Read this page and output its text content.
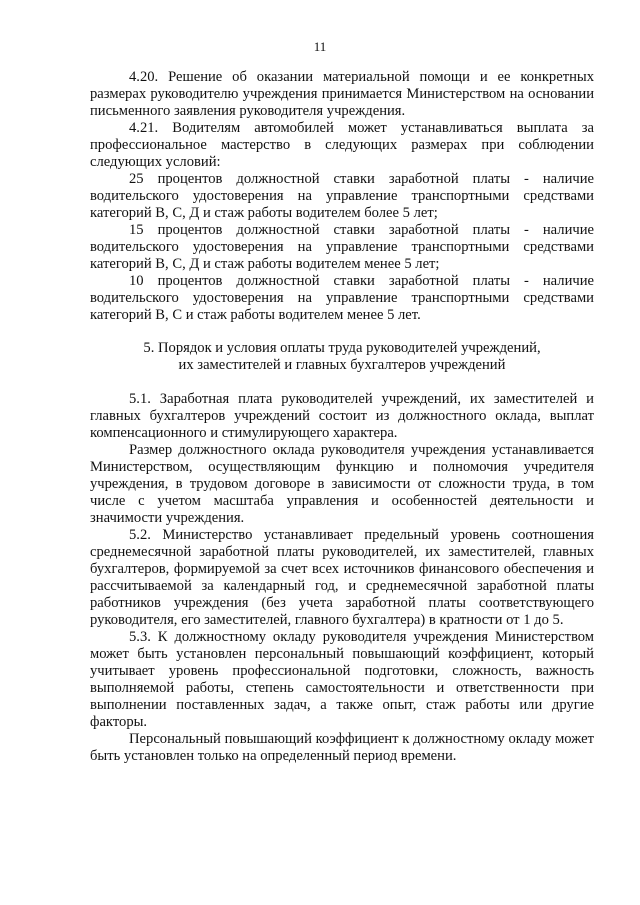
11

4.20. Решение об оказании материальной помощи и ее конкретных размерах руководителю учреждения принимается Министерством на основании письменного заявления руководителя учреждения.

4.21. Водителям автомобилей может устанавливаться выплата за профессиональное мастерство в следующих размерах при соблюдении следующих условий:

25 процентов должностной ставки заработной платы - наличие водительского удостоверения на управление транспортными средствами категорий В, С, Д и стаж работы водителем более 5 лет;

15 процентов должностной ставки заработной платы - наличие водительского удостоверения на управление транспортными средствами категорий В, С, Д и стаж работы водителем менее 5 лет;

10 процентов должностной ставки заработной платы - наличие водительского удостоверения на управление транспортными средствами категорий В, С и стаж работы водителем менее 5 лет.

5. Порядок и условия оплаты труда руководителей учреждений,

их заместителей и главных бухгалтеров учреждений

5.1. Заработная плата руководителей учреждений, их заместителей и главных бухгалтеров учреждений состоит из должностного оклада, выплат компенсационного и стимулирующего характера.

Размер должностного оклада руководителя учреждения устанавливается Министерством, осуществляющим функцию и полномочия учредителя учреждения, в трудовом договоре в зависимости от сложности труда, в том числе с учетом масштаба управления и особенностей деятельности и значимости учреждения.

5.2. Министерство устанавливает предельный уровень соотношения среднемесячной заработной платы руководителей, их заместителей, главных бухгалтеров, формируемой за счет всех источников финансового обеспечения и рассчитываемой за календарный год, и среднемесячной заработной платы работников учреждения (без учета заработной платы соответствующего руководителя, его заместителей, главного бухгалтера) в кратности от 1 до 5.

5.3. К должностному окладу руководителя учреждения Министерством может быть установлен персональный повышающий коэффициент, который учитывает уровень профессиональной подготовки, сложность, важность выполняемой работы, степень самостоятельности и ответственности при выполнении поставленных задач, а также опыт, стаж работы или другие факторы.

Персональный повышающий коэффициент к должностному окладу может быть установлен только на определенный период времени.
